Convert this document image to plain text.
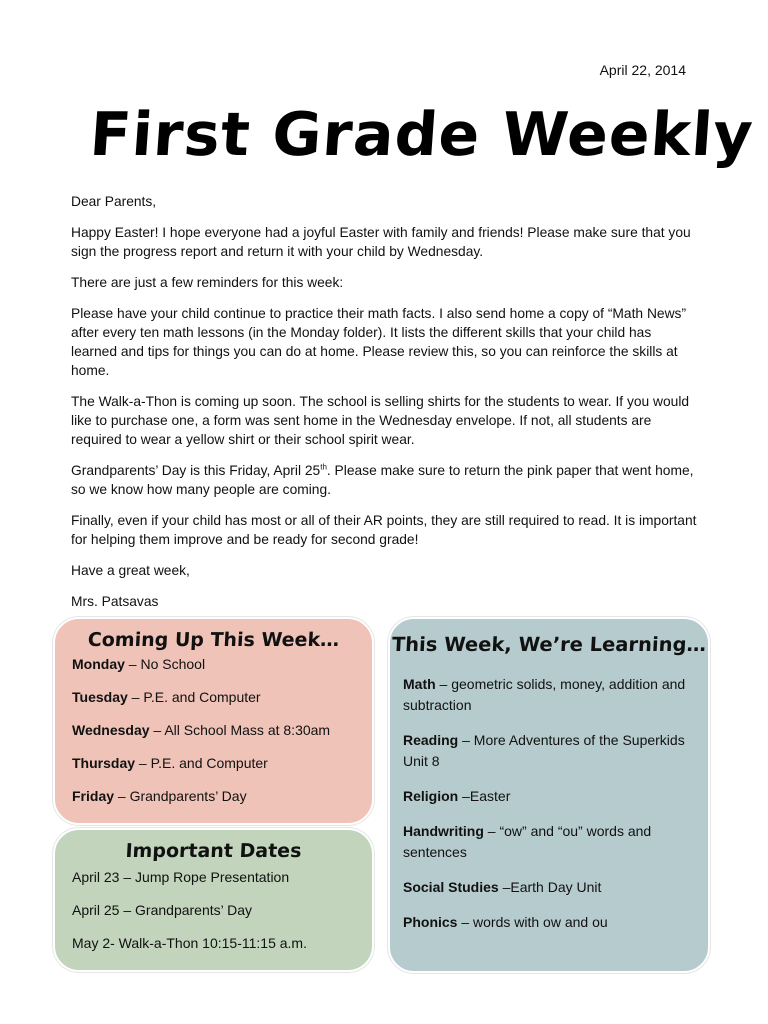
April 22, 2014
First Grade Weekly

Dear Parents,

Happy Easter! I hope everyone had a joyful Easter with family and friends! Please make sure that you sign the progress report and return it with your child by Wednesday.

There are just a few reminders for this week:

Please have your child continue to practice their math facts. I also send home a copy of “Math News” after every ten math lessons (in the Monday folder). It lists the different skills that your child has learned and tips for things you can do at home. Please review this, so you can reinforce the skills at home.

The Walk-a-Thon is coming up soon. The school is selling shirts for the students to wear. If you would like to purchase one, a form was sent home in the Wednesday envelope. If not, all students are required to wear a yellow shirt or their school spirit wear.

Grandparents’ Day is this Friday, April 25th. Please make sure to return the pink paper that went home, so we know how many people are coming.

Finally, even if your child has most or all of their AR points, they are still required to read. It is important for helping them improve and be ready for second grade!

Have a great week,

Mrs. Patsavas

Coming Up This Week…
Monday – No School
Tuesday – P.E. and Computer
Wednesday – All School Mass at 8:30am
Thursday – P.E. and Computer
Friday – Grandparents’ Day
Important Dates
April 23 – Jump Rope Presentation
April 25 – Grandparents’ Day
May 2- Walk-a-Thon 10:15-11:15 a.m.
This Week, We’re Learning…
Math – geometric solids, money, addition and subtraction
Reading – More Adventures of the Superkids Unit 8
Religion –Easter
Handwriting – “ow” and “ou” words and sentences
Social Studies –Earth Day Unit
Phonics – words with ow and ou
